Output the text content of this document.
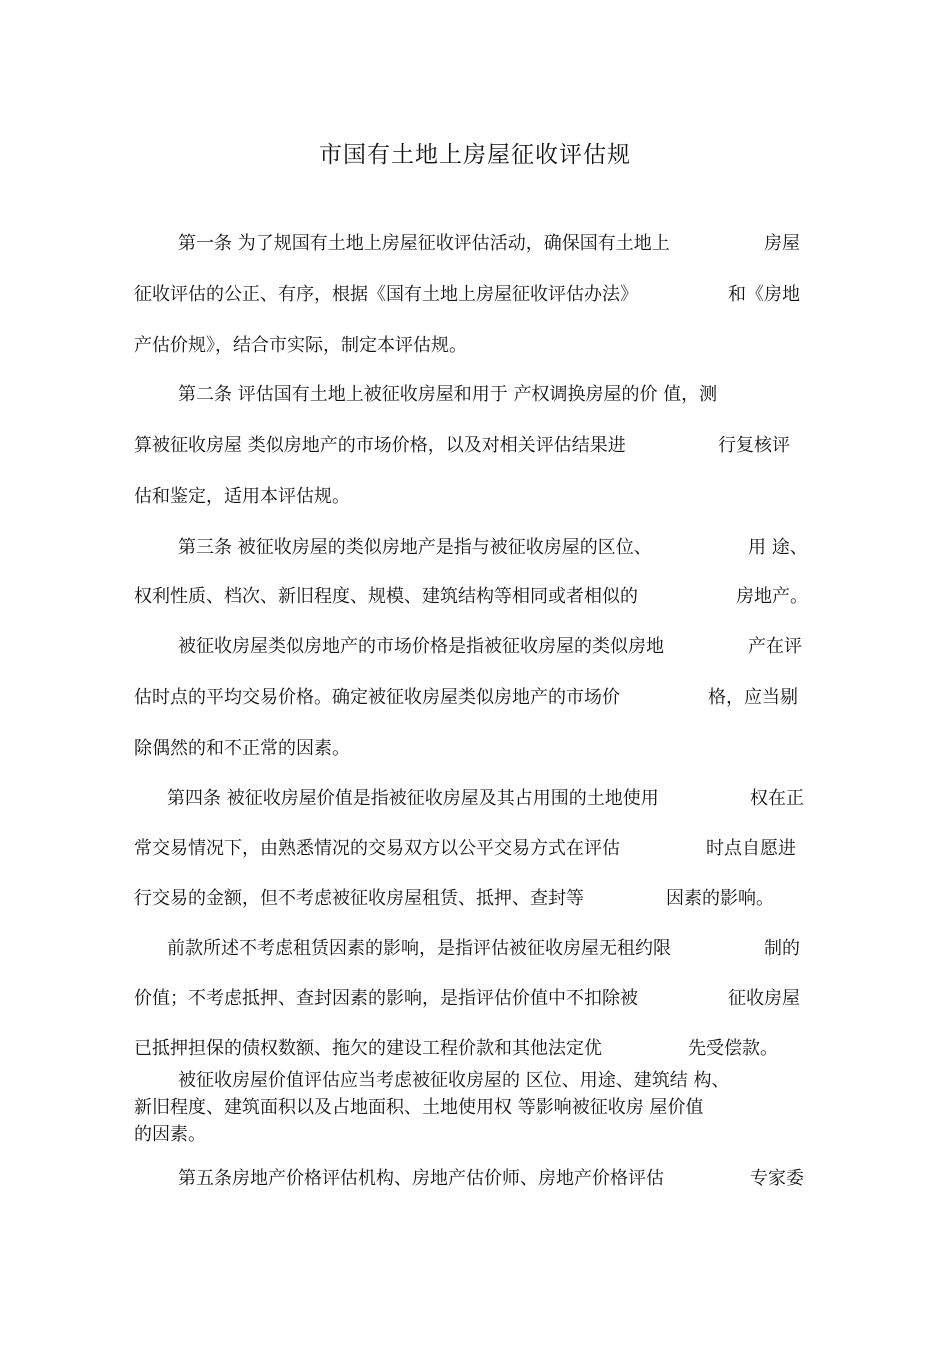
市国有土地上房屋征收评估规
第一条 为了规国有土地上房屋征收评估活动，确保国有土地上	房屋
征收评估的公正、有序，根据《国有土地上房屋征收评估办法》	和《房地
产估价规》，结合市实际，制定本评估规。
第二条 评估国有土地上被征收房屋和用于 产权调换房屋的价 值，测
算被征收房屋 类似房地产的市场价格，以及对相关评估结果进	行复核评
估和鉴定，适用本评估规。
第三条 被征收房屋的类似房地产是指与被征收房屋的区位、	用 途、
权利性质、档次、新旧程度、规模、建筑结构等相同或者相似的	房地产。
被征收房屋类似房地产的市场价格是指被征收房屋的类似房地	产在评
估时点的平均交易价格。确定被征收房屋类似房地产的市场价	格，应当剔
除偶然的和不正常的因素。
第四条 被征收房屋价值是指被征收房屋及其占用围的土地使用	权在正
常交易情况下，由熟悉情况的交易双方以公平交易方式在评估	时点自愿进
行交易的金额，但不考虑被征收房屋租赁、抵押、查封等	因素的影响。
前款所述不考虑租赁因素的影响，是指评估被征收房屋无租约限	制的
价值；不考虑抵押、查封因素的影响，是指评估价值中不扣除被	征收房屋
已抵押担保的债权数额、拖欠的建设工程价款和其他法定优	先受偿款。
被征收房屋价值评估应当考虑被征收房屋的 区位、用途、建筑结 构、
新旧程度、建筑面积以及占地面积、土地使用权 等影响被征收房 屋价值
的因素。
第五条房地产价格评估机构、房地产估价师、房地产价格评估	专家委
